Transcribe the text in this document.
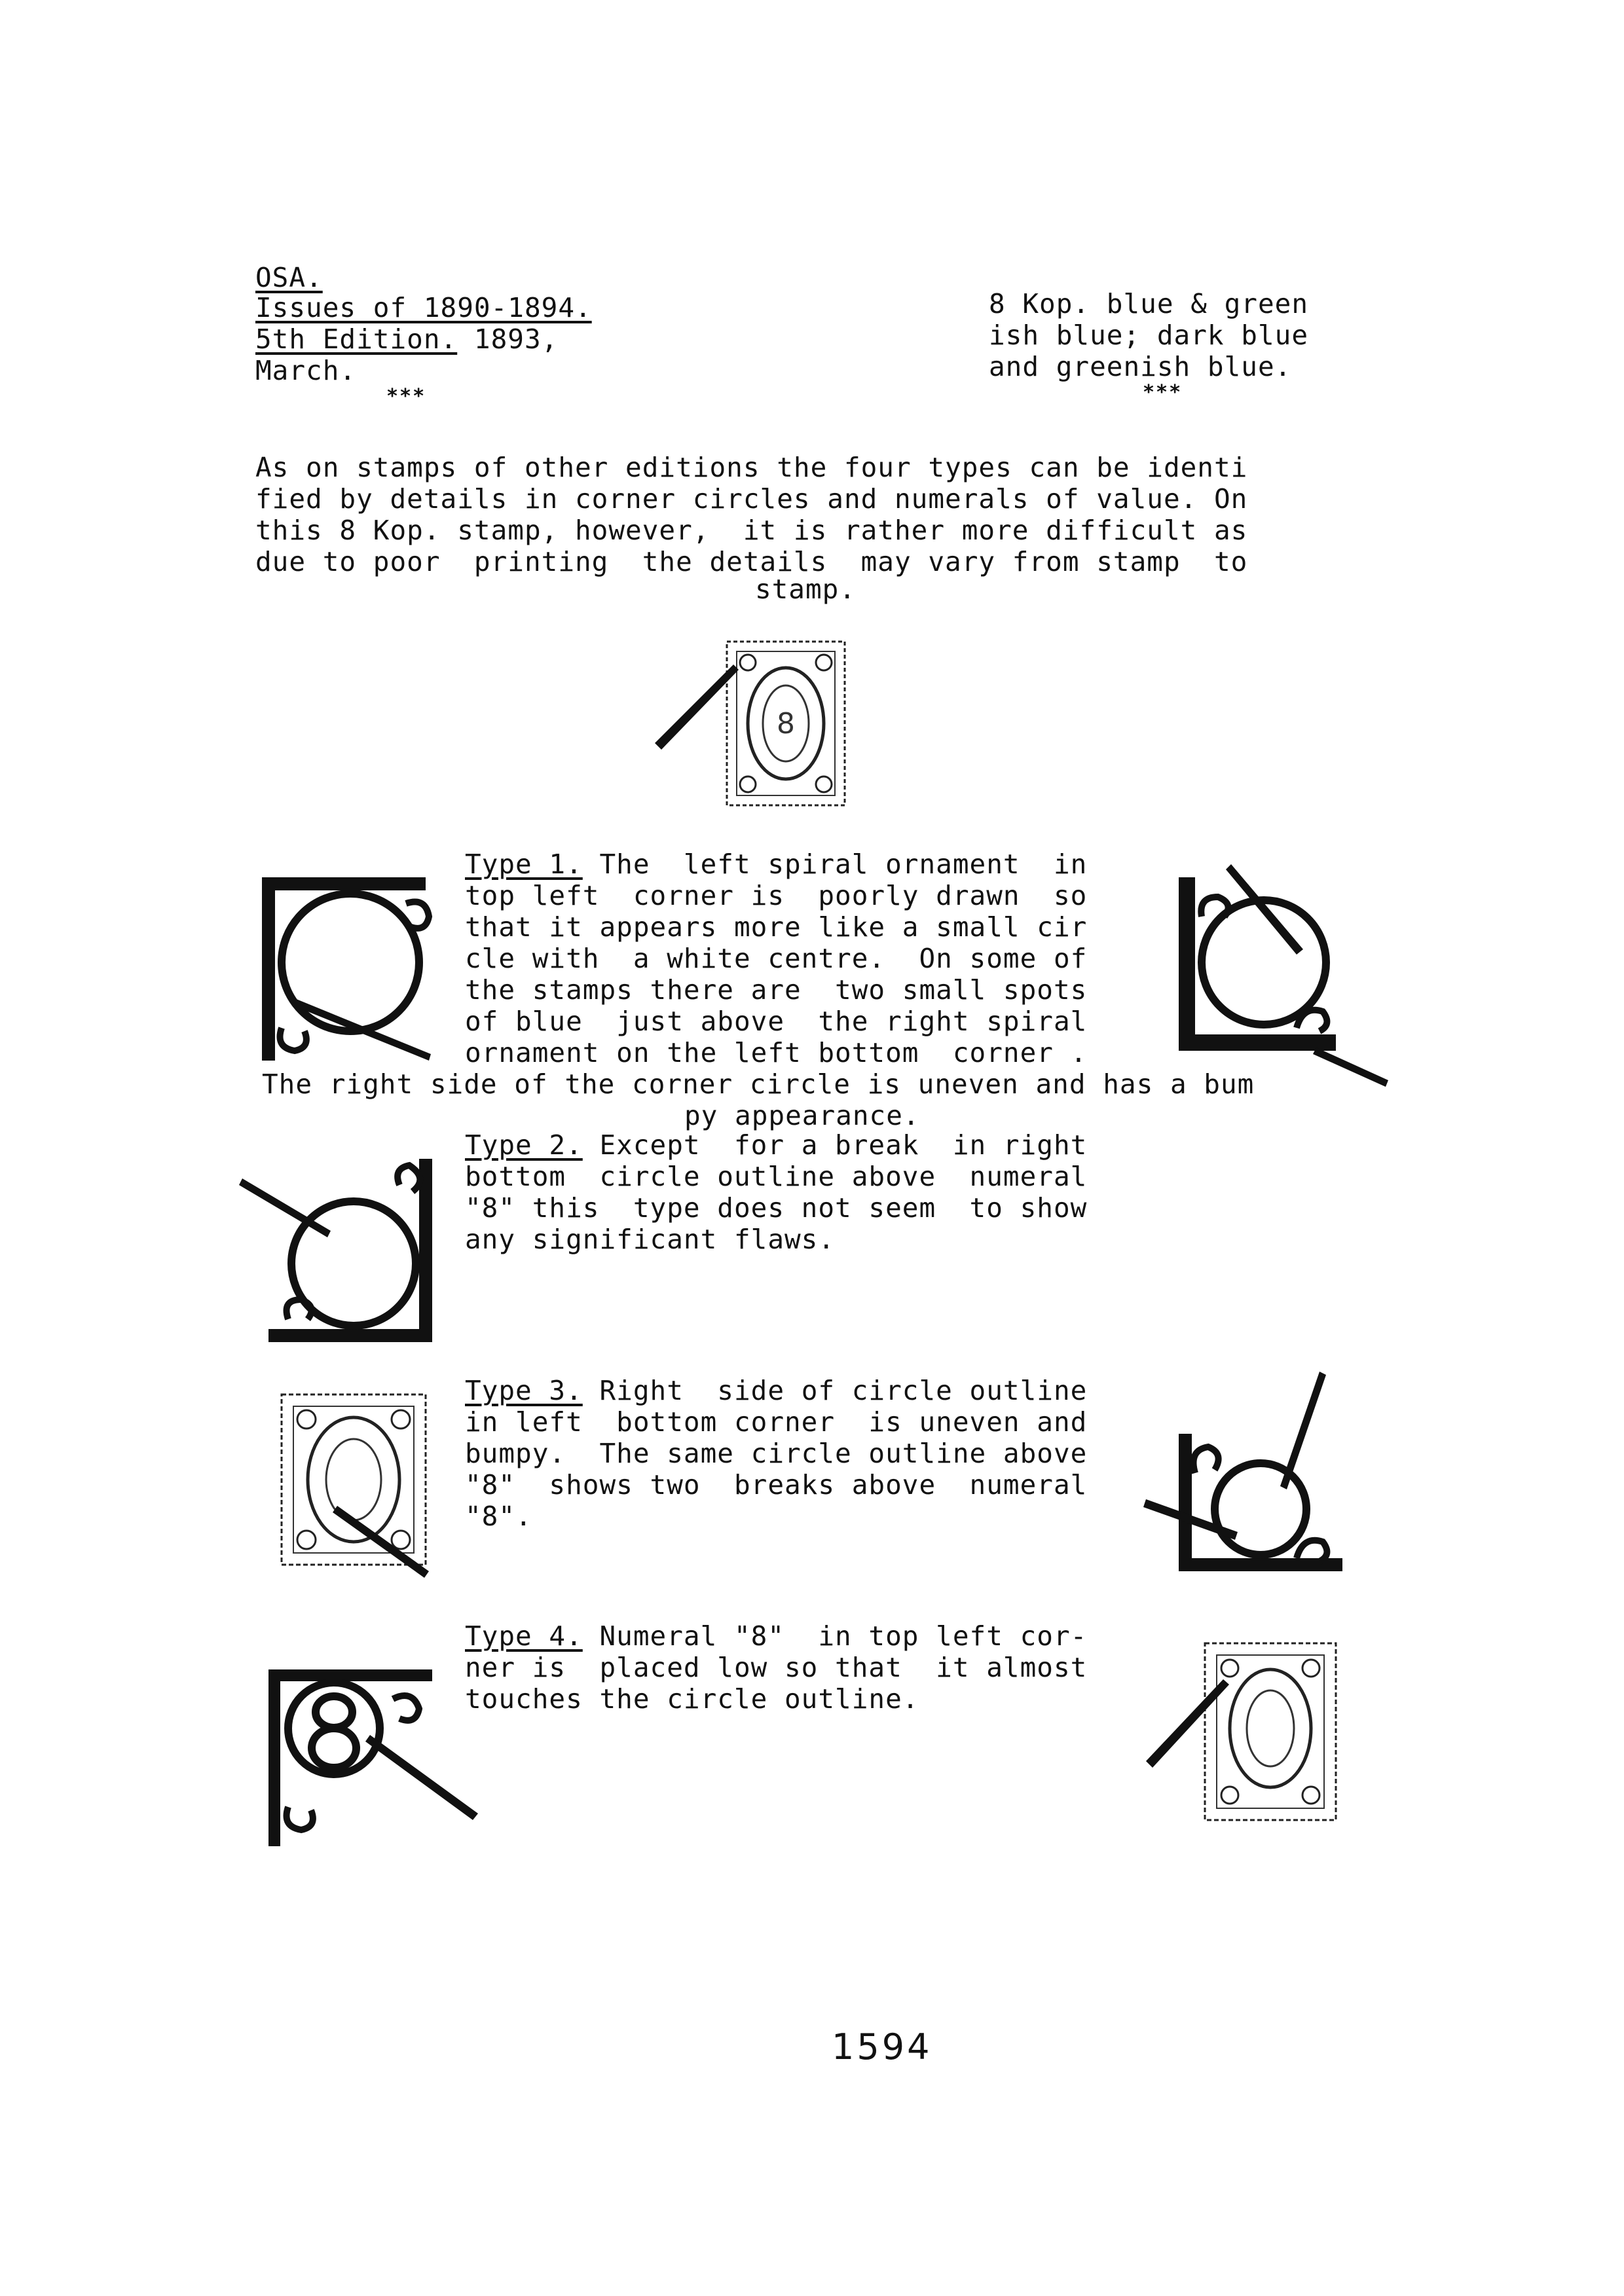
OSA.
Issues of 1890-1894.
5th Edition. 1893,
March.
***
8 Kop. blue & green
ish blue; dark blue
and greenish blue.
***
As on stamps of other editions the four types can be identi
fied by details in corner circles and numerals of value. On
this 8 Kop. stamp, however,  it is rather more difficult as
due to poor  printing  the details  may vary from stamp  to
stamp.
8
Type 1. The  left spiral ornament  in
top left  corner is  poorly drawn  so
that it appears more like a small cir
cle with  a white centre.  On some of
the stamps there are  two small spots
of blue  just above  the right spiral
ornament on the left bottom  corner .
The right side of the corner circle is uneven and has a bum
py appearance.
Type 2. Except  for a break  in right
bottom  circle outline above  numeral
"8" this  type does not seem  to show
any significant flaws.
Type 3. Right  side of circle outline
in left  bottom corner  is uneven and
bumpy.  The same circle outline above
"8"  shows two  breaks above  numeral
"8".
Type 4. Numeral "8"  in top left cor-
ner is  placed low so that  it almost
touches the circle outline.
1594
